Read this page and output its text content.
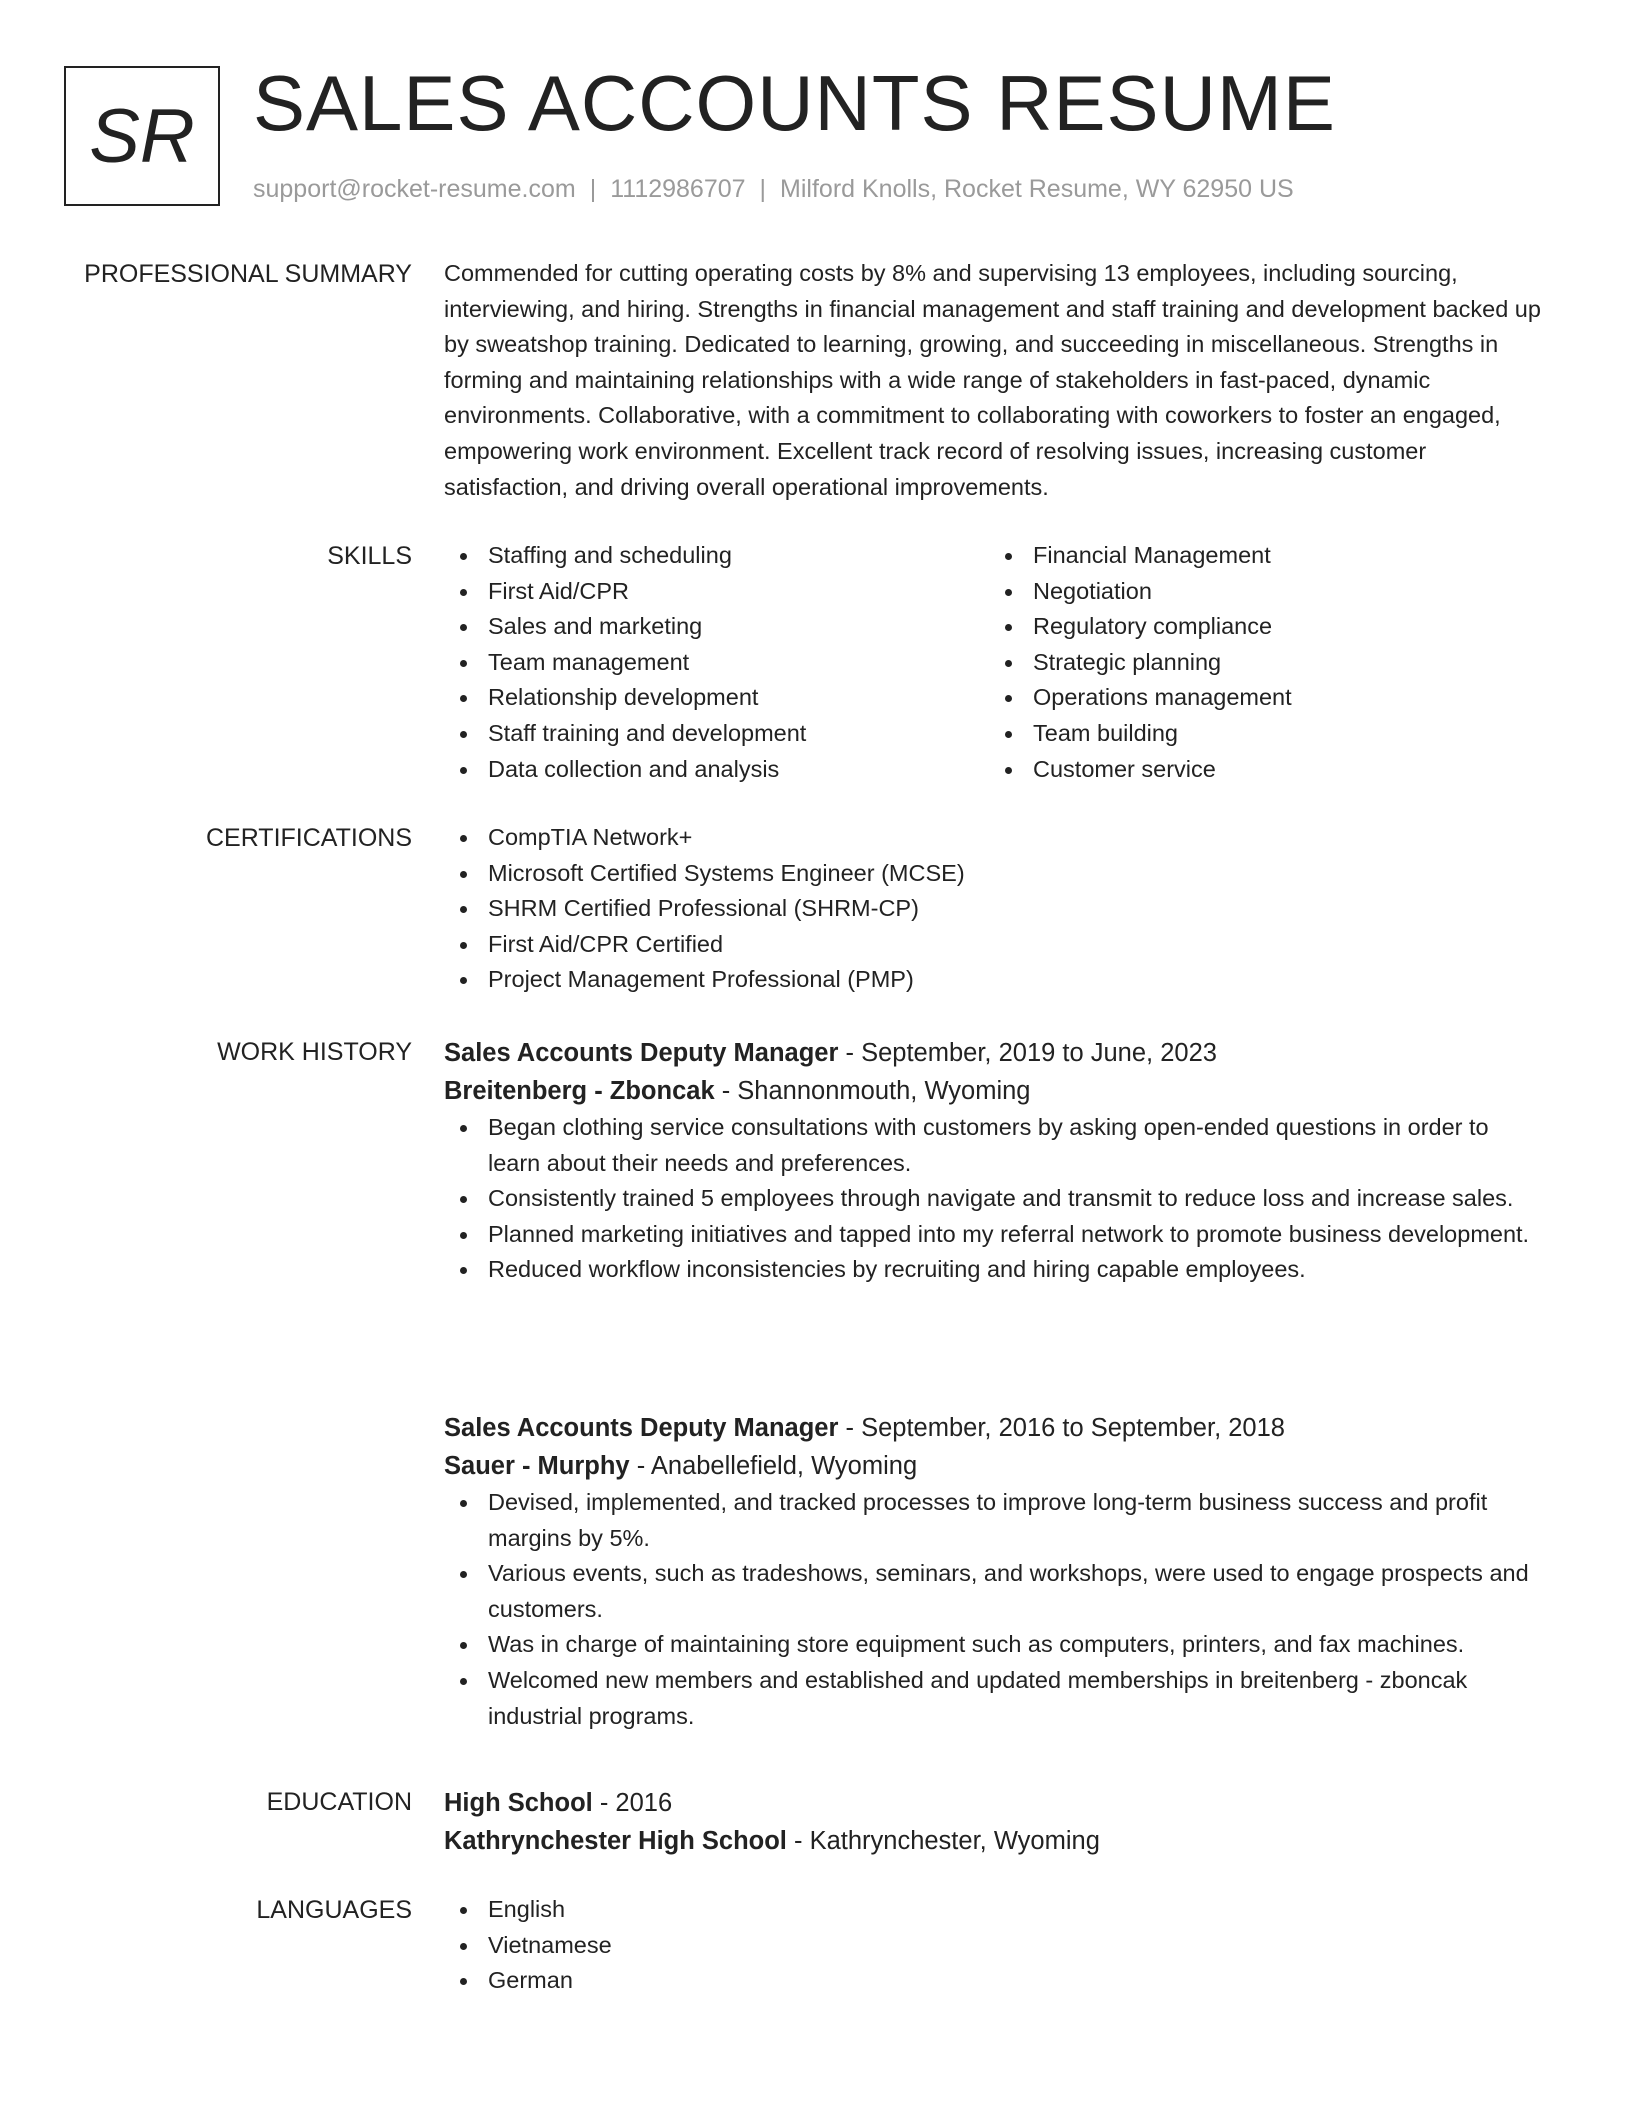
SR SALES ACCOUNTS RESUME
support@rocket-resume.com | 1112986707 | Milford Knolls, Rocket Resume, WY 62950 US
PROFESSIONAL SUMMARY Commended for cutting operating costs by 8% and supervising 13 employees, including sourcing, interviewing, and hiring. Strengths in financial management and staff training and development backed up by sweatshop training. Dedicated to learning, growing, and succeeding in miscellaneous. Strengths in forming and maintaining relationships with a wide range of stakeholders in fast-paced, dynamic environments. Collaborative, with a commitment to collaborating with coworkers to foster an engaged, empowering work environment. Excellent track record of resolving issues, increasing customer satisfaction, and driving overall operational improvements.

SKILLS	Staffing and scheduling
First Aid/CPR
Sales and marketing
Team management
Relationship development
Staff training and development
Data collection and analysis
Financial Management
Negotiation
Regulatory compliance
Strategic planning
Operations management
Team building
Customer service
CERTIFICATIONS	CompTIA Network+
Microsoft Certified Systems Engineer (MCSE)
SHRM Certified Professional (SHRM-CP)
First Aid/CPR Certified
Project Management Professional (PMP)
WORK HISTORY Sales Accounts Deputy Manager - September, 2019 to June, 2023
Breitenberg - Zboncak - Shannonmouth, Wyoming
Began clothing service consultations with customers by asking open-ended questions in order to learn about their needs and preferences.
Consistently trained 5 employees through navigate and transmit to reduce loss and increase sales.
Planned marketing initiatives and tapped into my referral network to promote business development.
Reduced workflow inconsistencies by recruiting and hiring capable employees.
Sales Accounts Deputy Manager - September, 2016 to September, 2018
Sauer - Murphy - Anabellefield, Wyoming
Devised, implemented, and tracked processes to improve long-term business success and profit margins by 5%.
Various events, such as tradeshows, seminars, and workshops, were used to engage prospects and customers.
Was in charge of maintaining store equipment such as computers, printers, and fax machines.
Welcomed new members and established and updated memberships in breitenberg - zboncak industrial programs.
EDUCATION High School - 2016
Kathrynchester High School - Kathrynchester, Wyoming
LANGUAGES	English
Vietnamese
German
